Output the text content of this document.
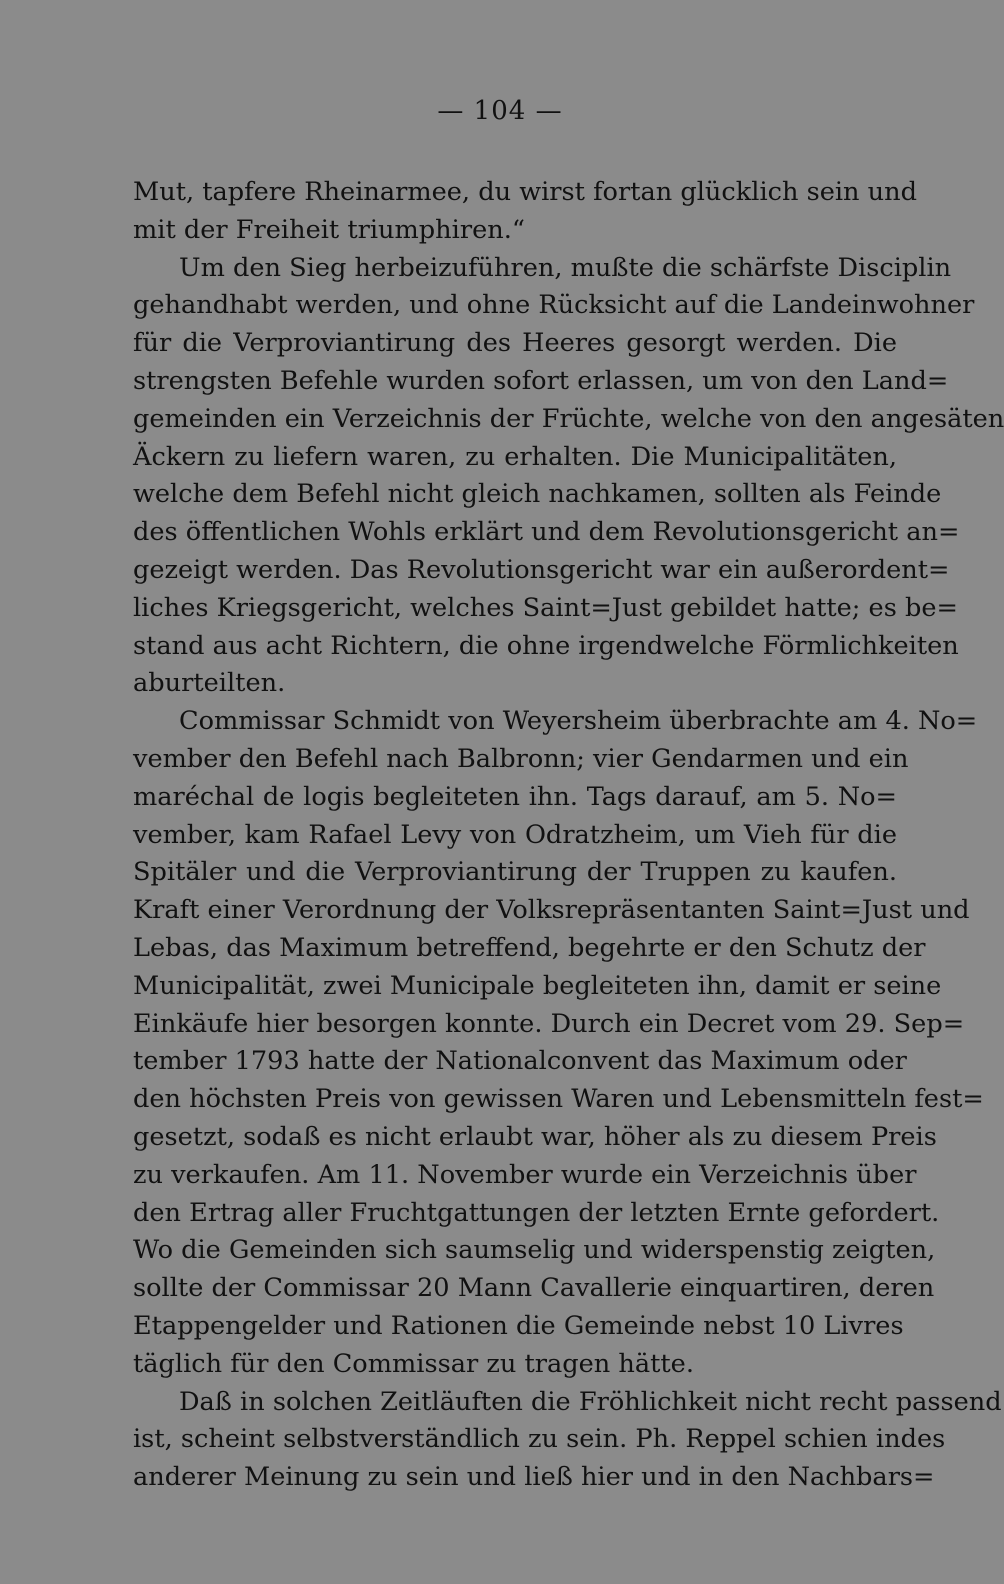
— 104 —
Mut, tapfere Rheinarmee, du wirst fortan glücklich sein und
mit der Freiheit triumphiren.“
Um den Sieg herbeizuführen, mußte die schärfste Disciplin
gehandhabt werden, und ohne Rücksicht auf die Landeinwohner
für die Verproviantirung des Heeres gesorgt werden. Die
strengsten Befehle wurden sofort erlassen, um von den Land=
gemeinden ein Verzeichnis der Früchte, welche von den angesäten
Äckern zu liefern waren, zu erhalten. Die Municipalitäten,
welche dem Befehl nicht gleich nachkamen, sollten als Feinde
des öffentlichen Wohls erklärt und dem Revolutionsgericht an=
gezeigt werden. Das Revolutionsgericht war ein außerordent=
liches Kriegsgericht, welches Saint=Just gebildet hatte; es be=
stand aus acht Richtern, die ohne irgendwelche Förmlichkeiten
aburteilten.
Commissar Schmidt von Weyersheim überbrachte am 4. No=
vember den Befehl nach Balbronn; vier Gendarmen und ein
maréchal de logis begleiteten ihn. Tags darauf, am 5. No=
vember, kam Rafael Levy von Odratzheim, um Vieh für die
Spitäler und die Verproviantirung der Truppen zu kaufen.
Kraft einer Verordnung der Volksrepräsentanten Saint=Just und
Lebas, das Maximum betreffend, begehrte er den Schutz der
Municipalität, zwei Municipale begleiteten ihn, damit er seine
Einkäufe hier besorgen konnte. Durch ein Decret vom 29. Sep=
tember 1793 hatte der Nationalconvent das Maximum oder
den höchsten Preis von gewissen Waren und Lebensmitteln fest=
gesetzt, sodaß es nicht erlaubt war, höher als zu diesem Preis
zu verkaufen. Am 11. November wurde ein Verzeichnis über
den Ertrag aller Fruchtgattungen der letzten Ernte gefordert.
Wo die Gemeinden sich saumselig und widerspenstig zeigten,
sollte der Commissar 20 Mann Cavallerie einquartiren, deren
Etappengelder und Rationen die Gemeinde nebst 10 Livres
täglich für den Commissar zu tragen hätte.
Daß in solchen Zeitläuften die Fröhlichkeit nicht recht passend
ist, scheint selbstverständlich zu sein. Ph. Reppel schien indes
anderer Meinung zu sein und ließ hier und in den Nachbars=
